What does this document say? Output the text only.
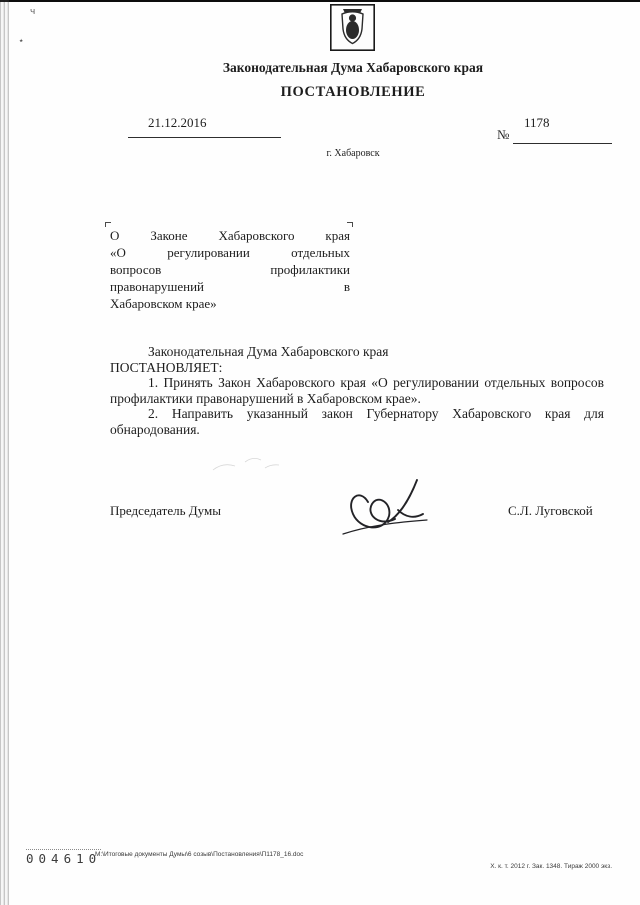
ч
٭
Законодательная Дума Хабаровского края
ПОСТАНОВЛЕНИЕ
21.12.2016	1178
№
г. Хабаровск
О Законе Хабаровского края
«О регулировании отдельных
вопросов профилактики
правонарушений в
Хабаровском крае»

Законодательная Дума Хабаровского края

ПОСТАНОВЛЯЕТ:

1. Принять Закон Хабаровского края «О регулировании отдельных вопросов профилактики правонарушений в Хабаровском крае».

2. Направить указанный закон Губернатору Хабаровского края для обнародования.

Председатель Думы	С.Л. Луговской
004610
М:\Итоговые документы Думы\6 созыв\Постановления\П1178_16.doc
Х. к. т. 2012 г. Зак. 1348. Тираж 2000 экз.
